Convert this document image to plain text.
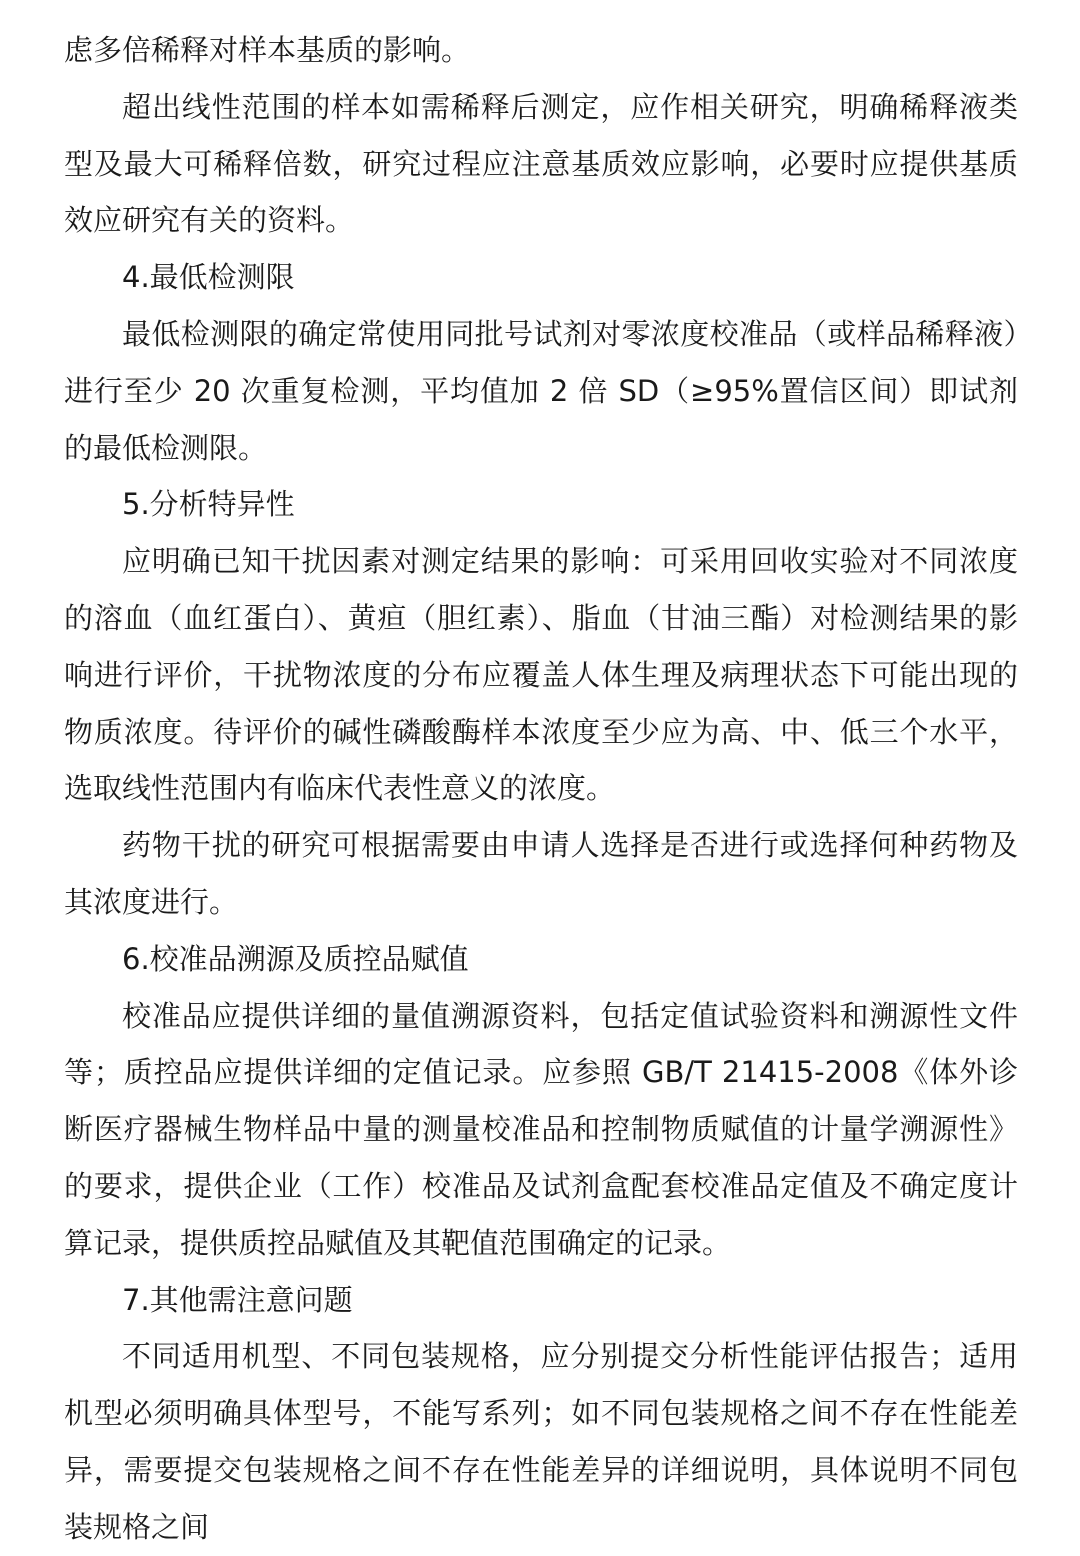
虑多倍稀释对样本基质的影响。

超出线性范围的样本如需稀释后测定，应作相关研究，明确稀释液类型及最大可稀释倍数，研究过程应注意基质效应影响，必要时应提供基质效应研究有关的资料。

4.最低检测限

最低检测限的确定常使用同批号试剂对零浓度校准品（或样品稀释液）进行至少 20 次重复检测，平均值加 2 倍 SD（≥95%置信区间）即试剂的最低检测限。

5.分析特异性

应明确已知干扰因素对测定结果的影响：可采用回收实验对不同浓度的溶血（血红蛋白）、黄疸（胆红素）、脂血（甘油三酯）对检测结果的影响进行评价，干扰物浓度的分布应覆盖人体生理及病理状态下可能出现的物质浓度。待评价的碱性磷酸酶样本浓度至少应为高、中、低三个水平，选取线性范围内有临床代表性意义的浓度。

药物干扰的研究可根据需要由申请人选择是否进行或选择何种药物及其浓度进行。

6.校准品溯源及质控品赋值

校准品应提供详细的量值溯源资料，包括定值试验资料和溯源性文件等；质控品应提供详细的定值记录。应参照 GB/T 21415-2008《体外诊断医疗器械生物样品中量的测量校准品和控制物质赋值的计量学溯源性》的要求，提供企业（工作）校准品及试剂盒配套校准品定值及不确定度计算记录，提供质控品赋值及其靶值范围确定的记录。

7.其他需注意问题

不同适用机型、不同包装规格，应分别提交分析性能评估报告；适用机型必须明确具体型号，不能写系列；如不同包装规格之间不存在性能差异，需要提交包装规格之间不存在性能差异的详细说明，具体说明不同包装规格之间
